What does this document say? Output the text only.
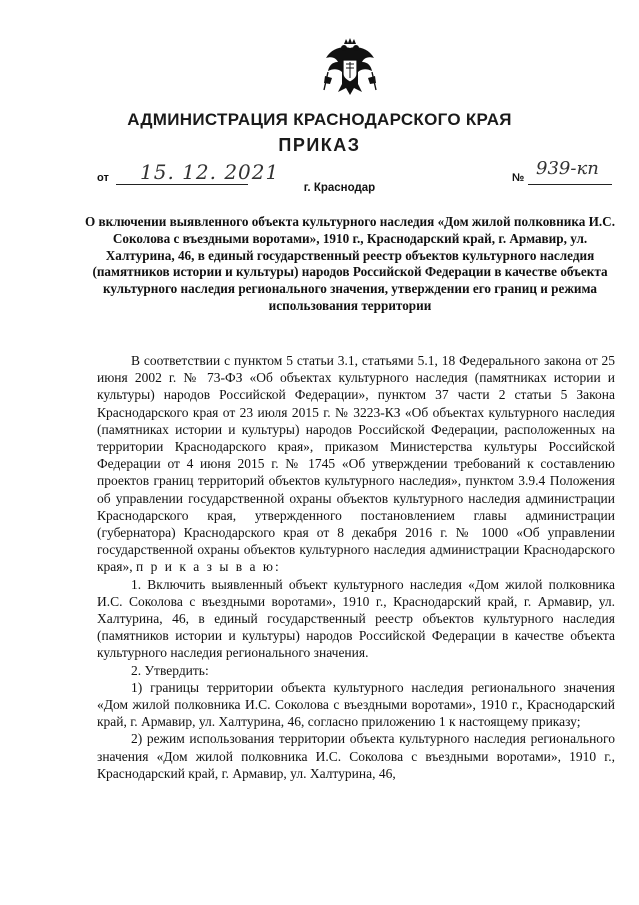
АДМИНИСТРАЦИЯ КРАСНОДАРСКОГО КРАЯ
ПРИКАЗ
от 15. 12. 2021	№ 939-кп
г. Краснодар

О включении выявленного объекта культурного наследия «Дом жилой полковника И.С. Соколова с въездными воротами», 1910 г., Краснодарский край, г. Армавир, ул. Халтурина, 46, в единый государственный реестр объектов культурного наследия (памятников истории и культуры) народов Российской Федерации в качестве объекта культурного наследия регионального значения, утверждении его границ и режима использования территории

В соответствии с пунктом 5 статьи 3.1, статьями 5.1, 18 Федерального закона от 25 июня 2002 г. № 73-ФЗ «Об объектах культурного наследия (памятниках истории и культуры) народов Российской Федерации», пунктом 37 части 2 статьи 5 Закона Краснодарского края от 23 июля 2015 г. № 3223-КЗ «Об объектах культурного наследия (памятниках истории и культуры) народов Российской Федерации, расположенных на территории Краснодарского края», приказом Министерства культуры Российской Федерации от 4 июня 2015 г. № 1745 «Об утверждении требований к составлению проектов границ территорий объектов культурного наследия», пунктом 3.9.4 Положения об управлении государственной охраны объектов культурного наследия администрации Краснодарского края, утвержденного постановлением главы администрации (губернатора) Краснодарского края от 8 декабря 2016 г. № 1000 «Об управлении государственной охраны объектов культурного наследия администрации Краснодарского края», п р и к а з ы в а ю:

1. Включить выявленный объект культурного наследия «Дом жилой полковника И.С. Соколова с въездными воротами», 1910 г., Краснодарский край, г. Армавир, ул. Халтурина, 46, в единый государственный реестр объектов культурного наследия (памятников истории и культуры) народов Российской Федерации в качестве объекта культурного наследия регионального значения.

2. Утвердить:

1) границы территории объекта культурного наследия регионального значения «Дом жилой полковника И.С. Соколова с въездными воротами», 1910 г., Краснодарский край, г. Армавир, ул. Халтурина, 46, согласно приложению 1 к настоящему приказу;

2) режим использования территории объекта культурного наследия регионального значения «Дом жилой полковника И.С. Соколова с въездными воротами», 1910 г., Краснодарский край, г. Армавир, ул. Халтурина, 46,
